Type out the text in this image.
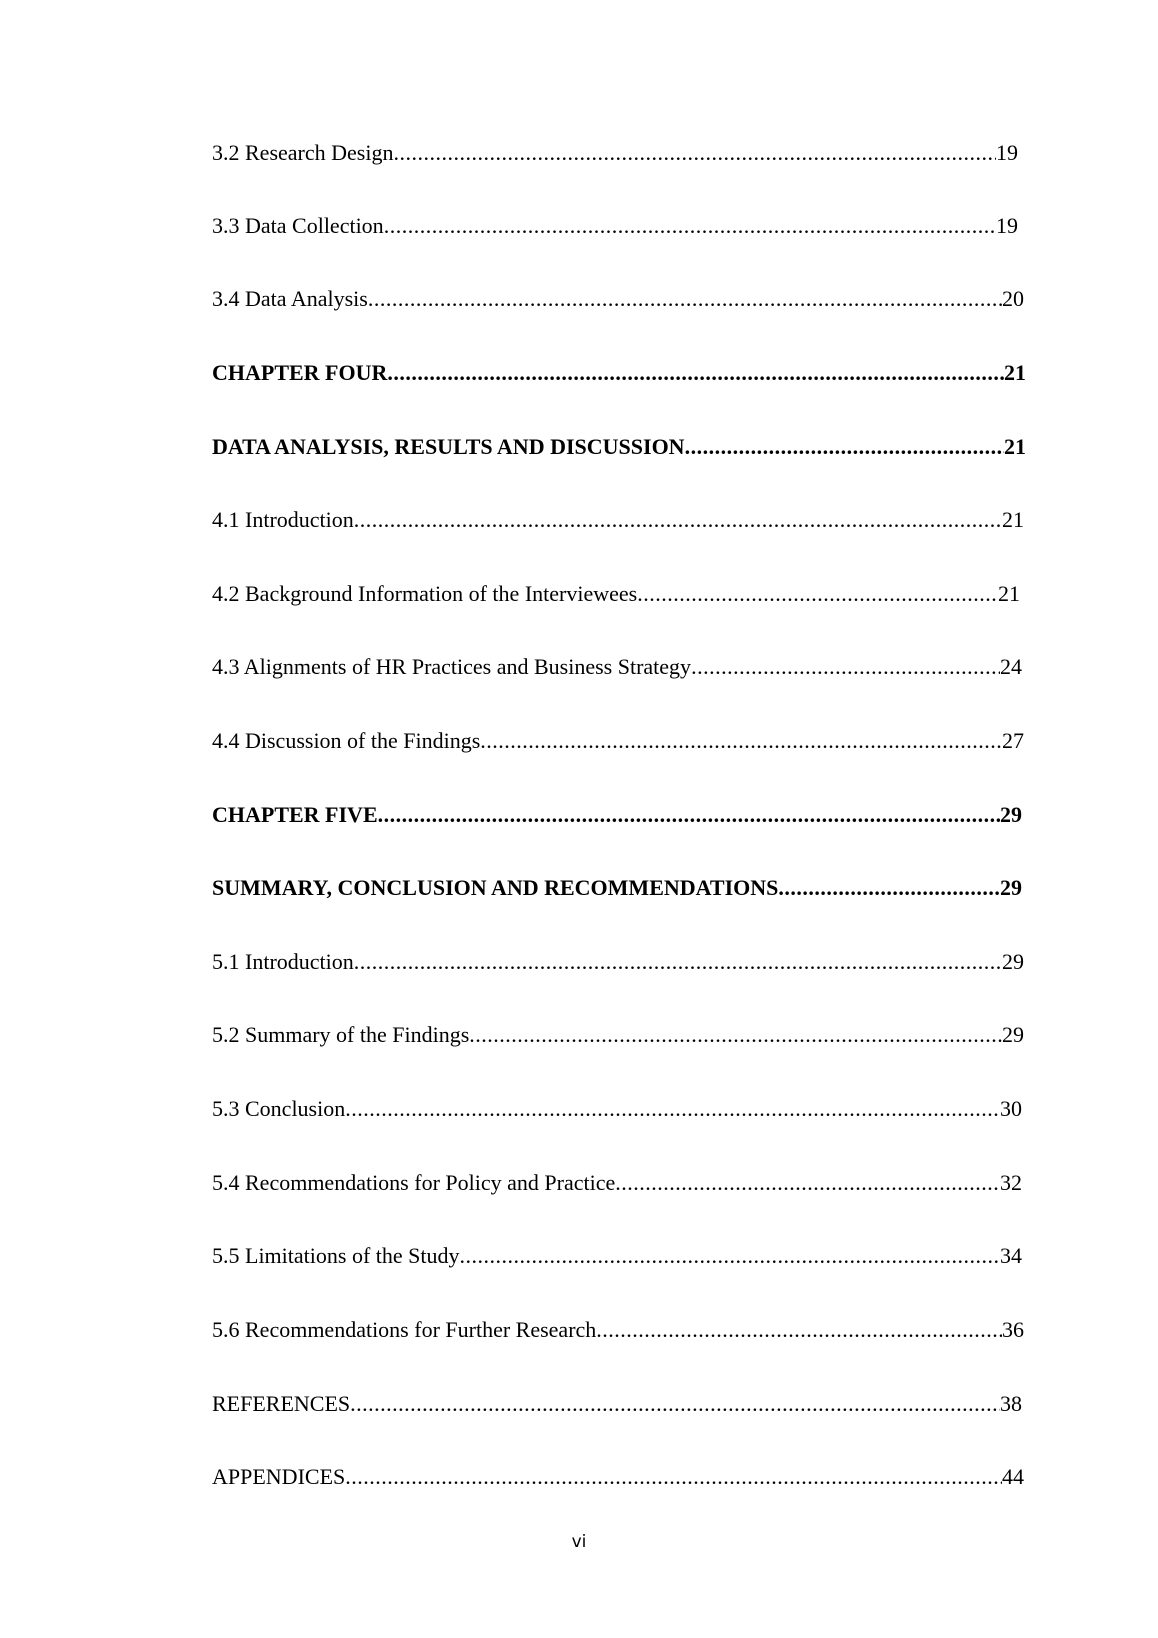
3.2 Research Design .....	19
3.3 Data Collection .....	19
3.4 Data Analysis .....	20
CHAPTER FOUR .....	21
DATA ANALYSIS, RESULTS AND DISCUSSION .....	21
4.1 Introduction .....	21
4.2 Background Information of the Interviewees .....	21
4.3 Alignments of HR Practices and Business Strategy .....	24
4.4 Discussion of the Findings .....	27
CHAPTER FIVE .....	29
SUMMARY, CONCLUSION AND RECOMMENDATIONS .....	29
5.1 Introduction .....	29
5.2 Summary of the Findings .....	29
5.3 Conclusion .....	30
5.4 Recommendations for Policy and Practice .....	32
5.5 Limitations of the Study .....	34
5.6 Recommendations for Further Research .....	36
REFERENCES .....	38
APPENDICES .....	44
vi
